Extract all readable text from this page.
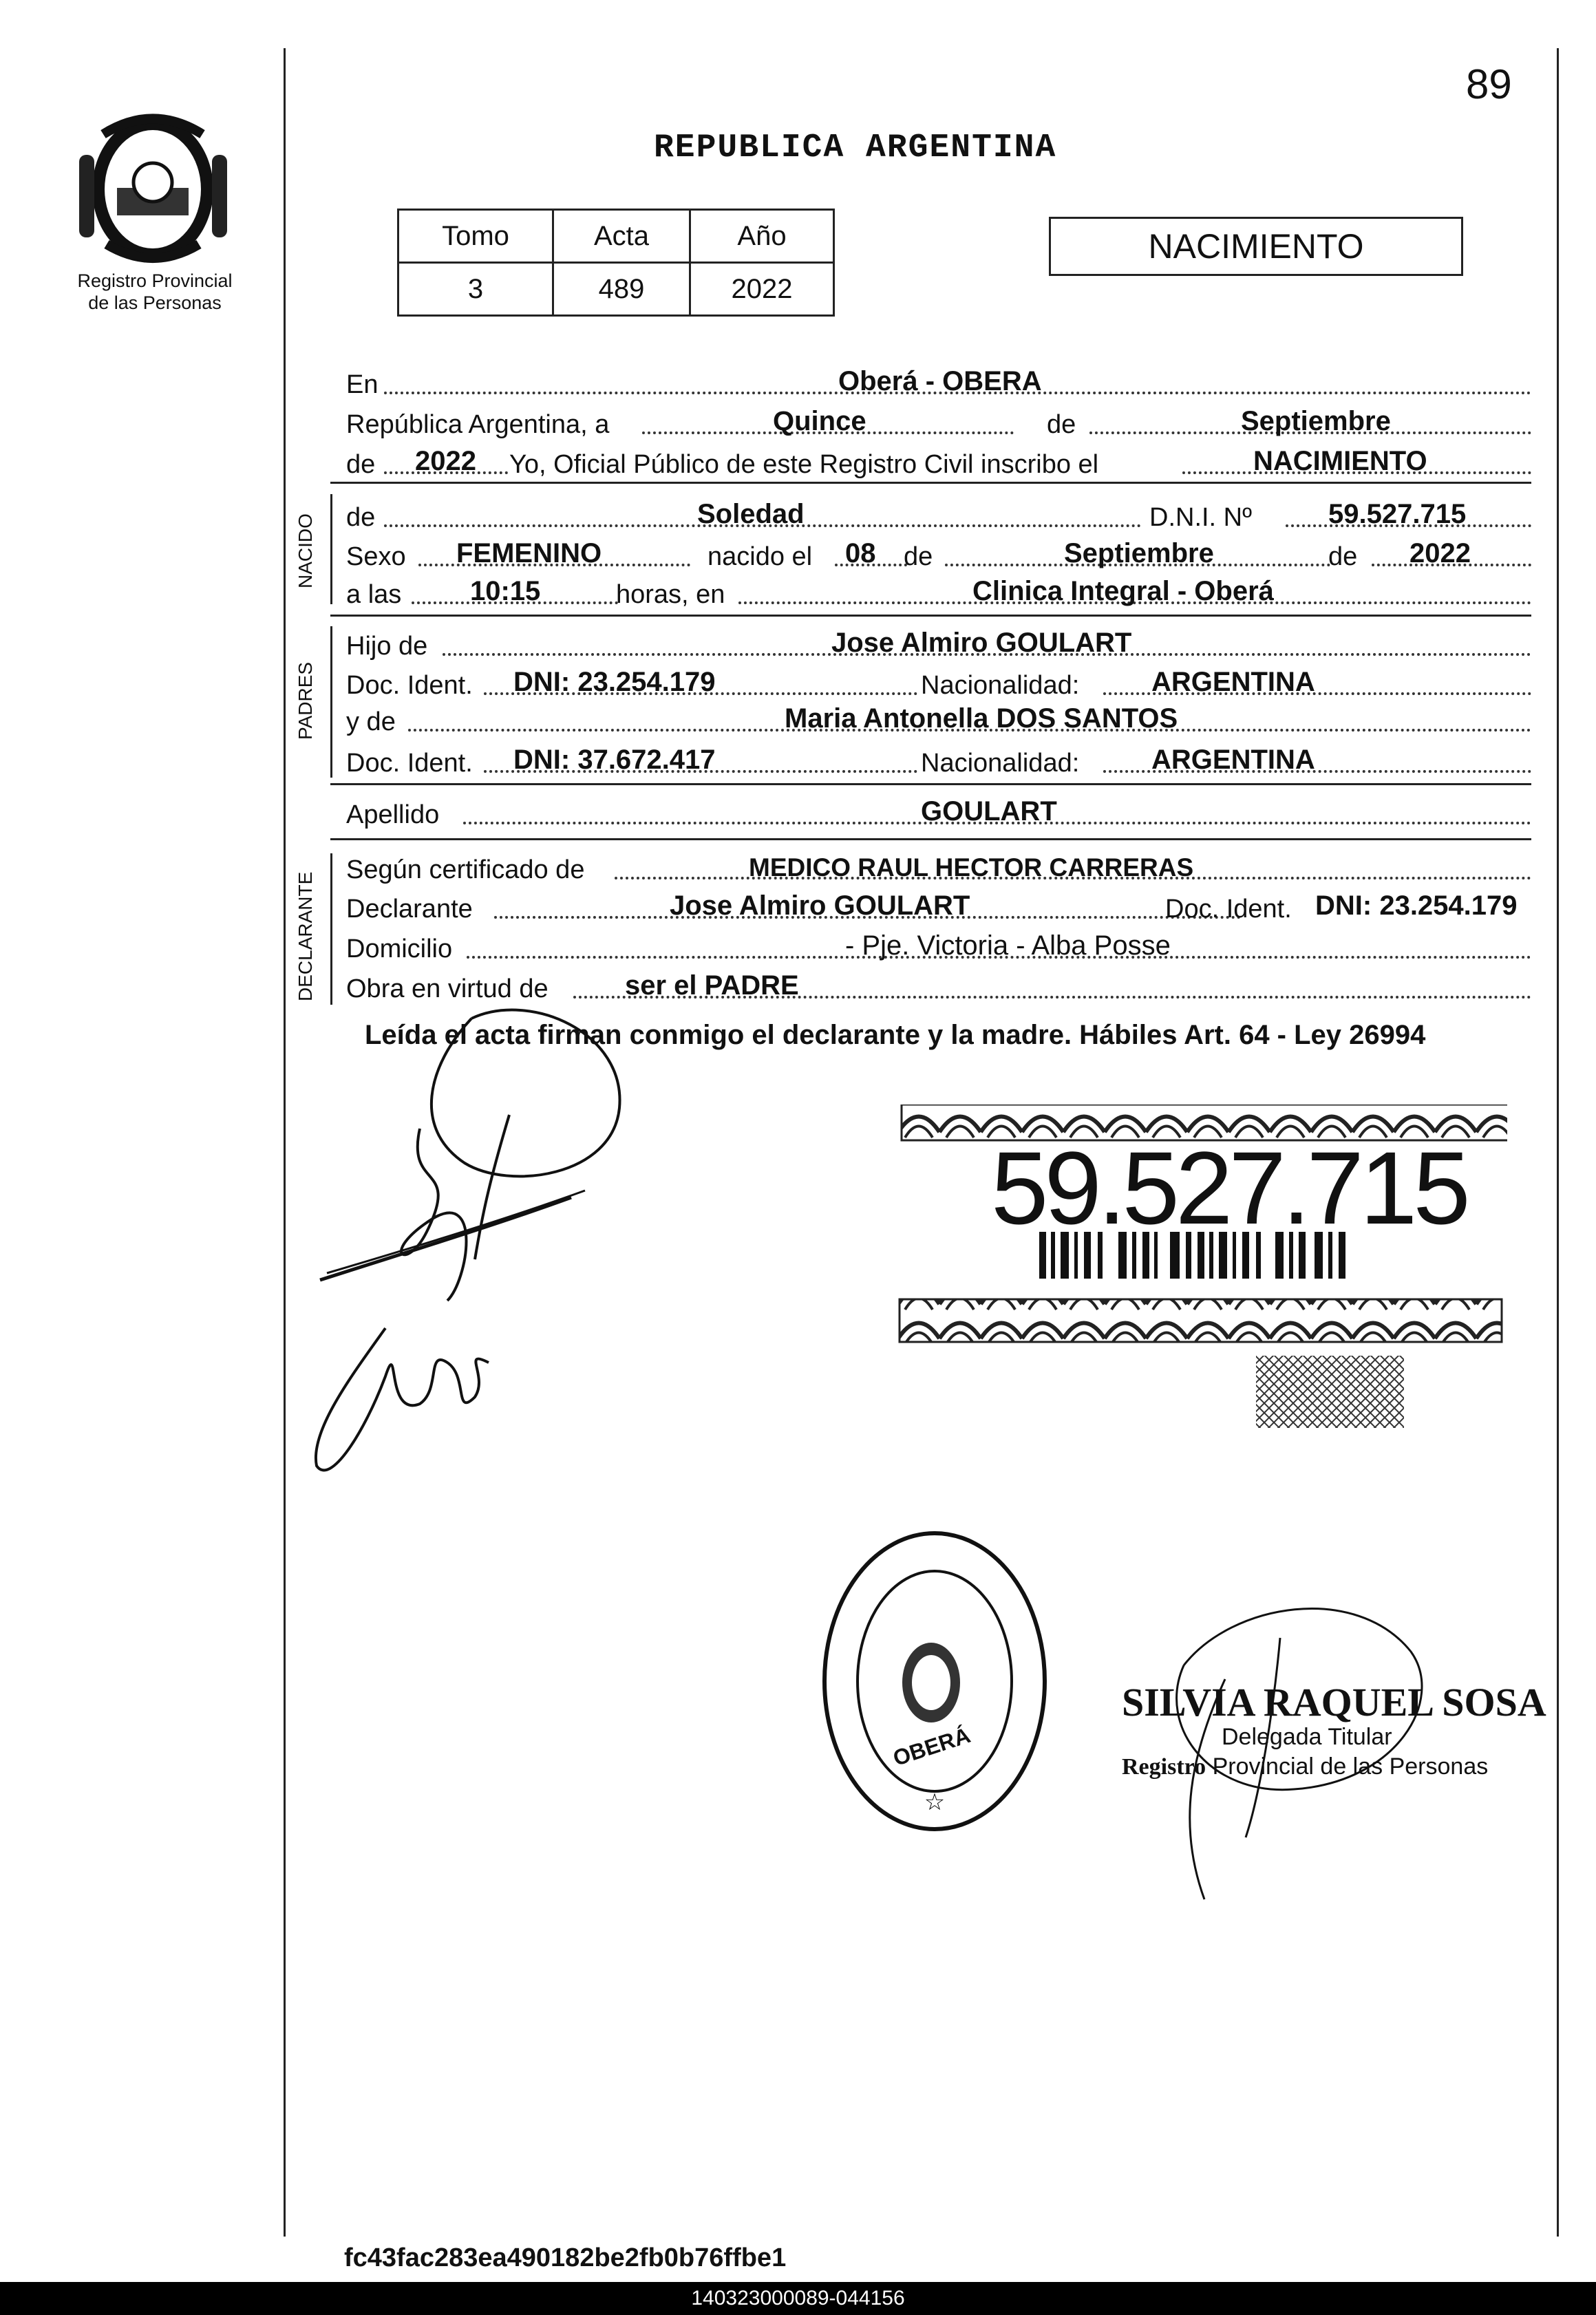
89
Registro Provincial
de las Personas
REPUBLICA ARGENTINA
Tomo	Acta	Año
3	489	2022
NACIMIENTO
En	Oberá - OBERA
República Argentina, a	Quince	de	Septiembre
de 2022 Yo, Oficial Público de este Registro Civil inscribo el	NACIMIENTO
NACIDO de	Soledad	D.N.I. Nº	59.527.715
Sexo FEMENINO	nacido el 08 de	Septiembre	de 2022
a las 10:15	horas, en	Clinica Integral - Oberá
PADRES
Hijo de	Jose Almiro GOULART
Doc. Ident. DNI: 23.254.179	Nacionalidad:	ARGENTINA
y de	Maria Antonella DOS SANTOS
Doc. Ident. DNI: 37.672.417	Nacionalidad:	ARGENTINA
Apellido	GOULART
DECLARANTE
Según certificado de	MEDICO RAUL HECTOR CARRERAS
Declarante	Jose Almiro GOULART	Doc. Ident. DNI: 23.254.179
Domicilio	- Pje. Victoria - Alba Posse
Obra en virtud de	ser el PADRE
Leída el acta firman conmigo el declarante y la madre. Hábiles Art. 64 - Ley 26994
59.527.715
☆
OBERÁ
SILVIA RAQUEL SOSA
Delegada Titular
Registro Provincial de las Personas
fc43fac283ea490182be2fb0b76ffbe1
140323000089-044156
